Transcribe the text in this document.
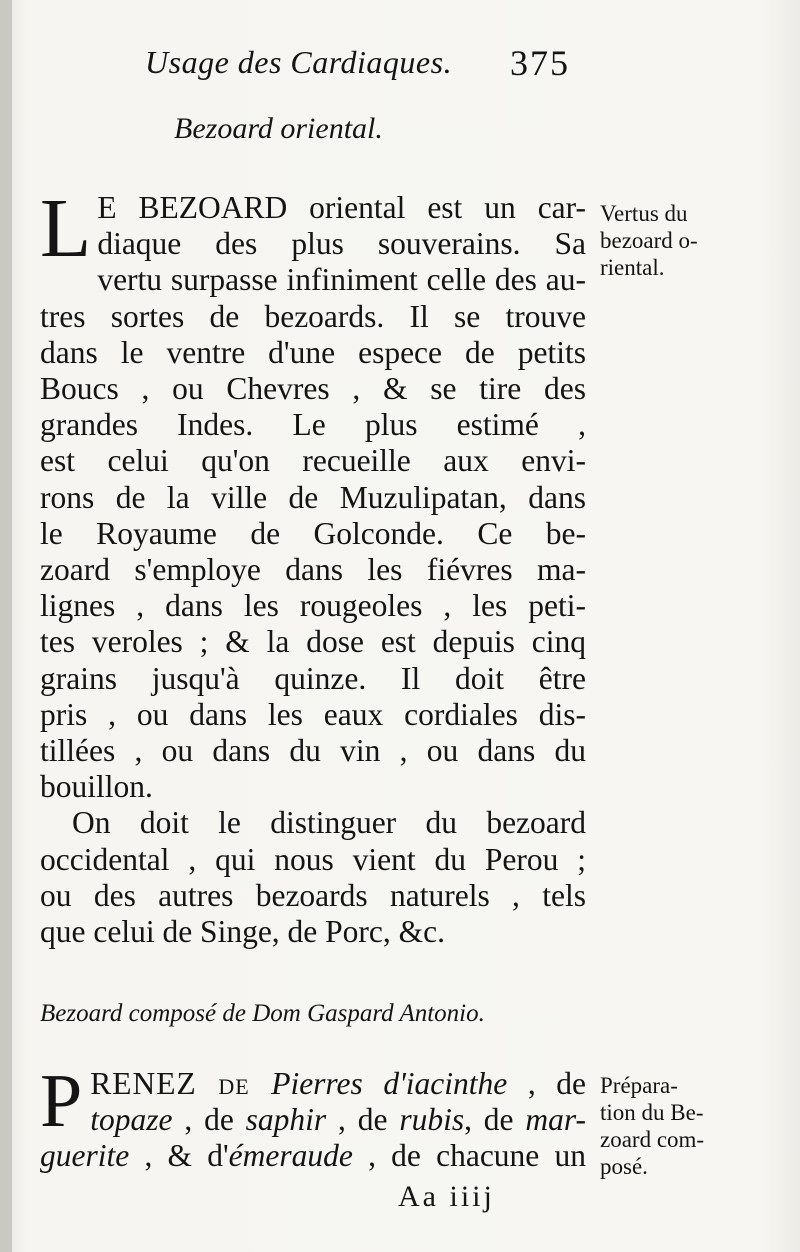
Usage des Cardiaques. 375
Bezoard oriental.
L E BEZOARD oriental est un car-
diaque des plus souverains. Sa
vertu surpasse infiniment celle des au-
tres sortes de bezoards. Il se trouve
dans le ventre d'une espece de petits
Boucs , ou Chevres , & se tire des
grandes Indes. Le plus estimé ,
est celui qu'on recueille aux envi-
rons de la ville de Muzulipatan, dans
le Royaume de Golconde. Ce be-
zoard s'employe dans les fiévres ma-
lignes , dans les rougeoles , les peti-
tes veroles ; & la dose est depuis cinq
grains jusqu'à quinze. Il doit être
pris , ou dans les eaux cordiales dis-
tillées , ou dans du vin , ou dans du
bouillon.
On doit le distinguer du bezoard
occidental , qui nous vient du Perou ;
ou des autres bezoards naturels , tels
que celui de Singe, de Porc, &c.
Vertus du
bezoard o-
riental.
Bezoard composé de Dom Gaspard Antonio.
P RENEZ de Pierres d'iacinthe , de
topaze , de saphir , de rubis, de mar-
guerite , & d'émeraude , de chacune un
Prépara-
tion du Be-
zoard com-
posé.
Aa iiij
